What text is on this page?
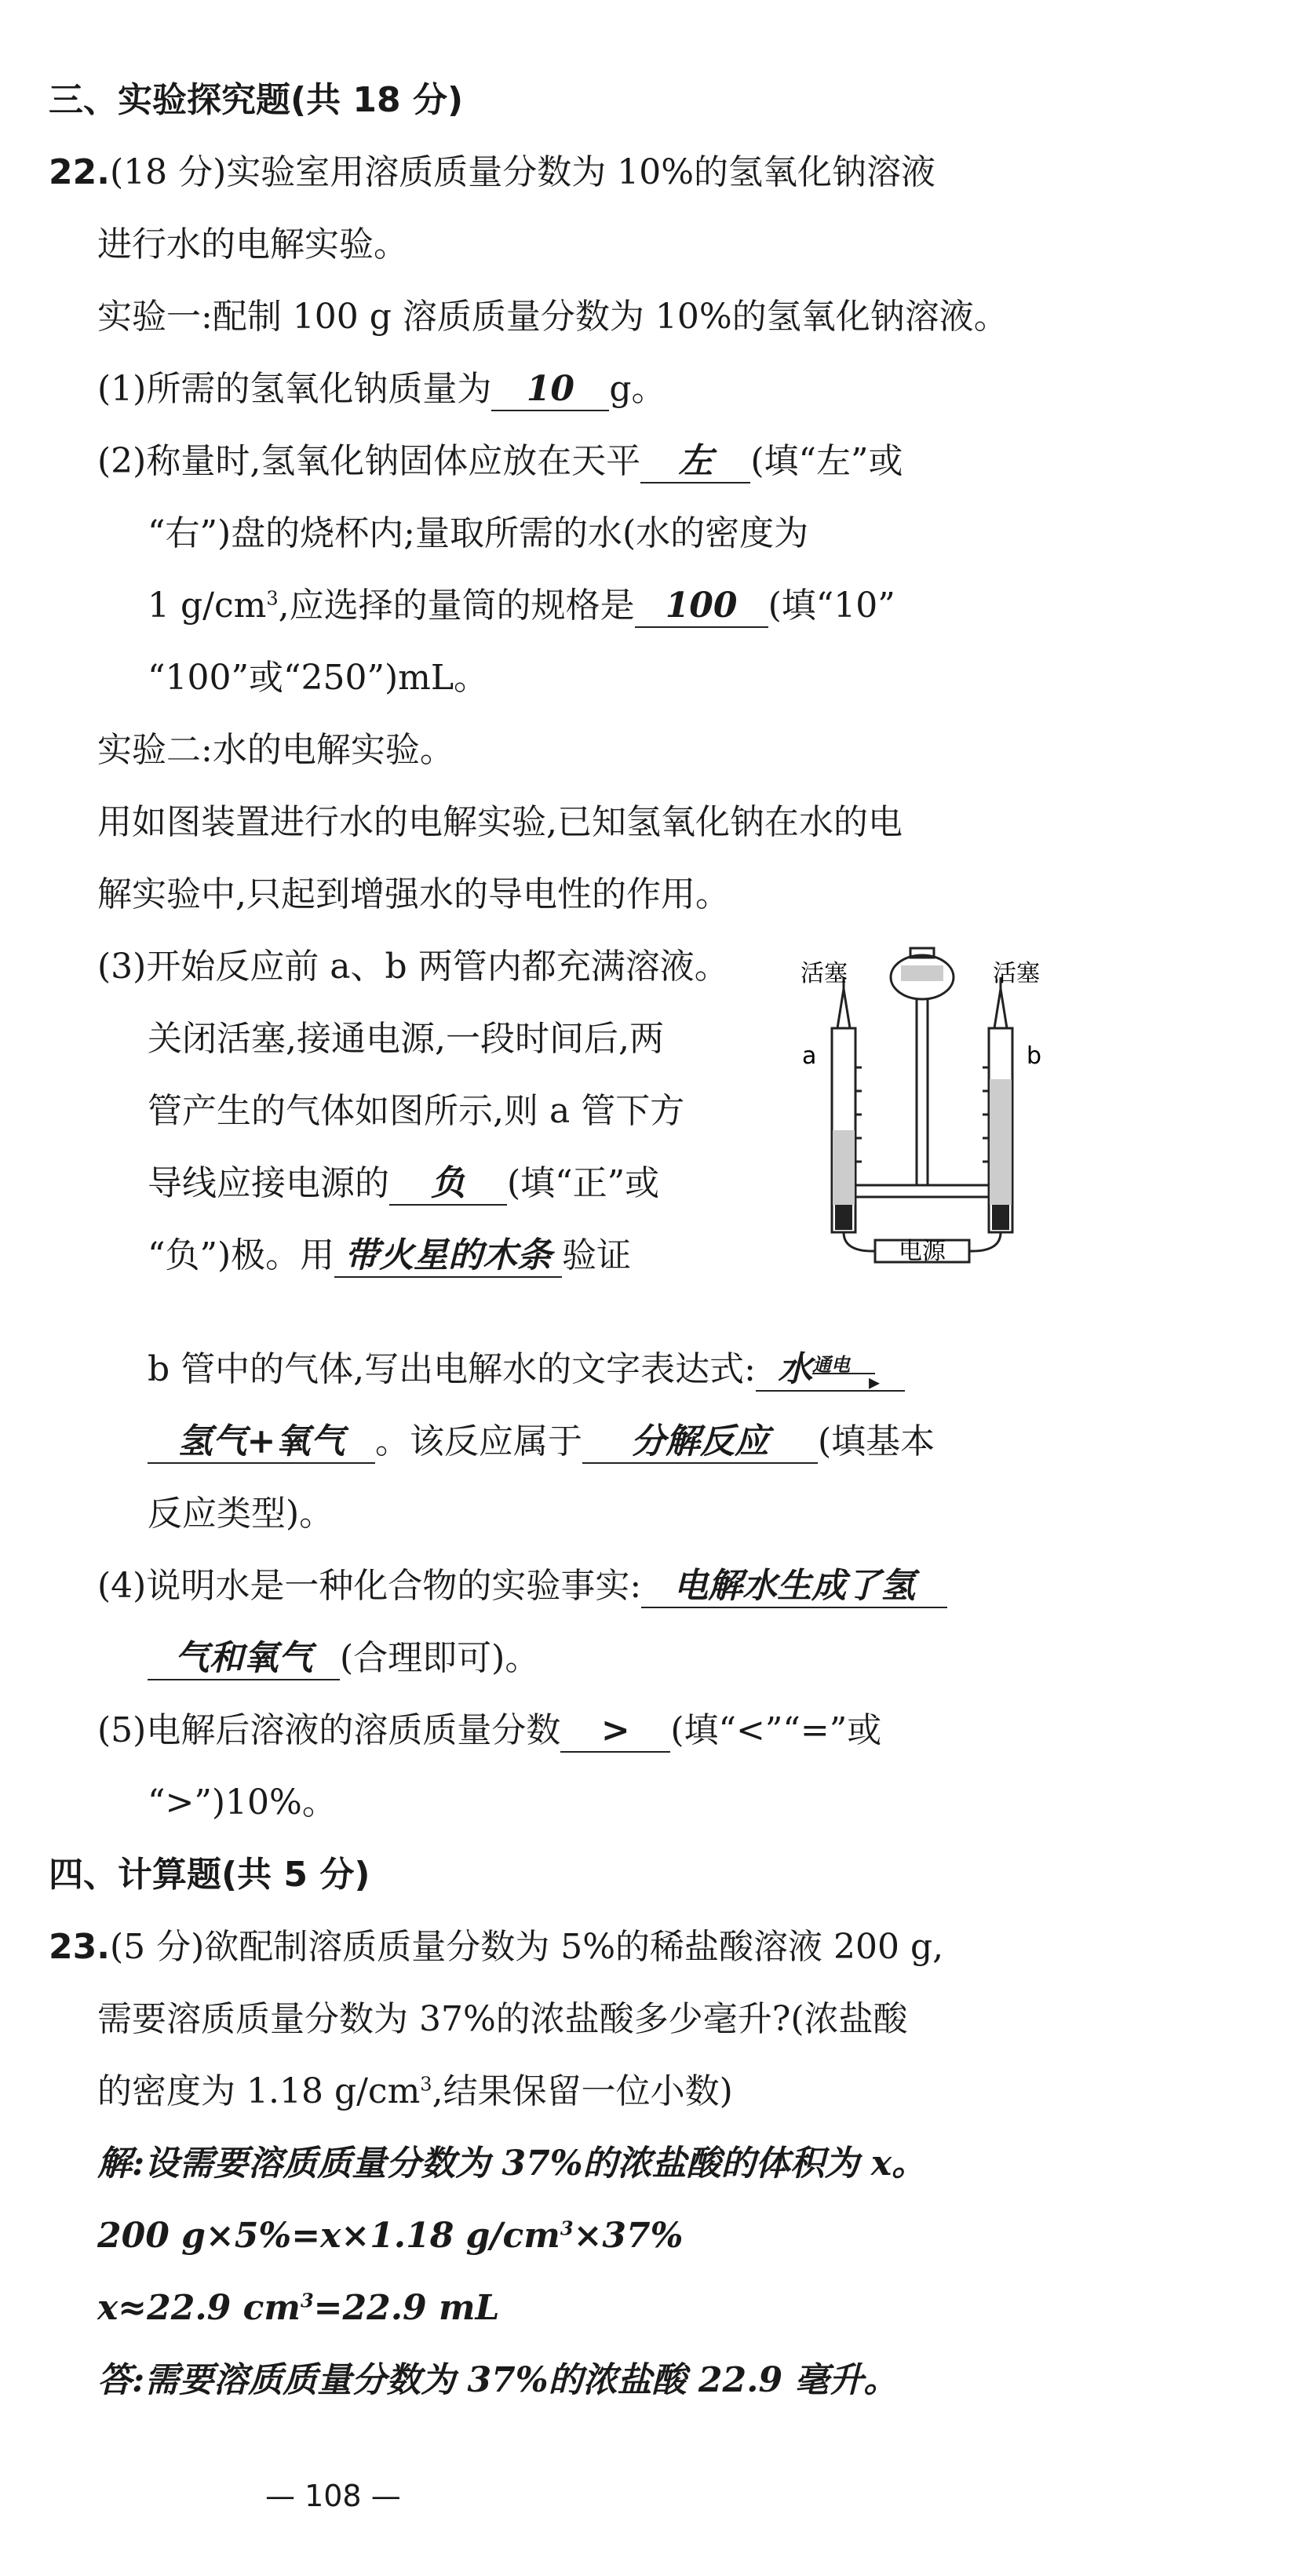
三、实验探究题(共 18 分)
22.(18 分)实验室用溶质质量分数为 10%的氢氧化钠溶液
进行水的电解实验。
实验一:配制 100 g 溶质质量分数为 10%的氢氧化钠溶液。
(1)所需的氢氧化钠质量为 10 g。
(2)称量时,氢氧化钠固体应放在天平 左 (填“左”或
“右”)盘的烧杯内;量取所需的水(水的密度为
1 $g/cm^3$,应选择的量筒的规格是 100 (填“10”
“100”或“250”)mL。
实验二:水的电解实验。
用如图装置进行水的电解实验,已知氢氧化钠在水的电
解实验中,只起到增强水的导电性的作用。
(3)开始反应前 a、b 两管内都充满溶液。
关闭活塞,接通电源,一段时间后,两
管产生的气体如图所示,则 a 管下方
导线应接电源的 负 (填“正”或
“负”)极。用 带火星的木条 验证
活塞	活塞
a	b
电源
b 管中的气体,写出电解水的文字表达式: 水 通电
▸
氢气+氧气 。该反应属于 分解反应 (填基本
反应类型)。
(4)说明水是一种化合物的实验事实: 电解水生成了氢
气和氧气 (合理即可)。
(5)电解后溶液的溶质质量分数 > (填“<”“=”或
“>”)10%。
四、计算题(共 5 分)
23.(5 分)欲配制溶质质量分数为 5%的稀盐酸溶液 200 g,
需要溶质质量分数为 37%的浓盐酸多少毫升?(浓盐酸
的密度为 1.18 $g/cm^3$,结果保留一位小数)
解:设需要溶质质量分数为 37%的浓盐酸的体积为 x。
200 g×5%=x×1.18 $g/cm^3\times 37\%$
x≈22.9 $cm^3=22.9$ mL
答:需要溶质质量分数为 37%的浓盐酸 22.9 毫升。
— 108 —
